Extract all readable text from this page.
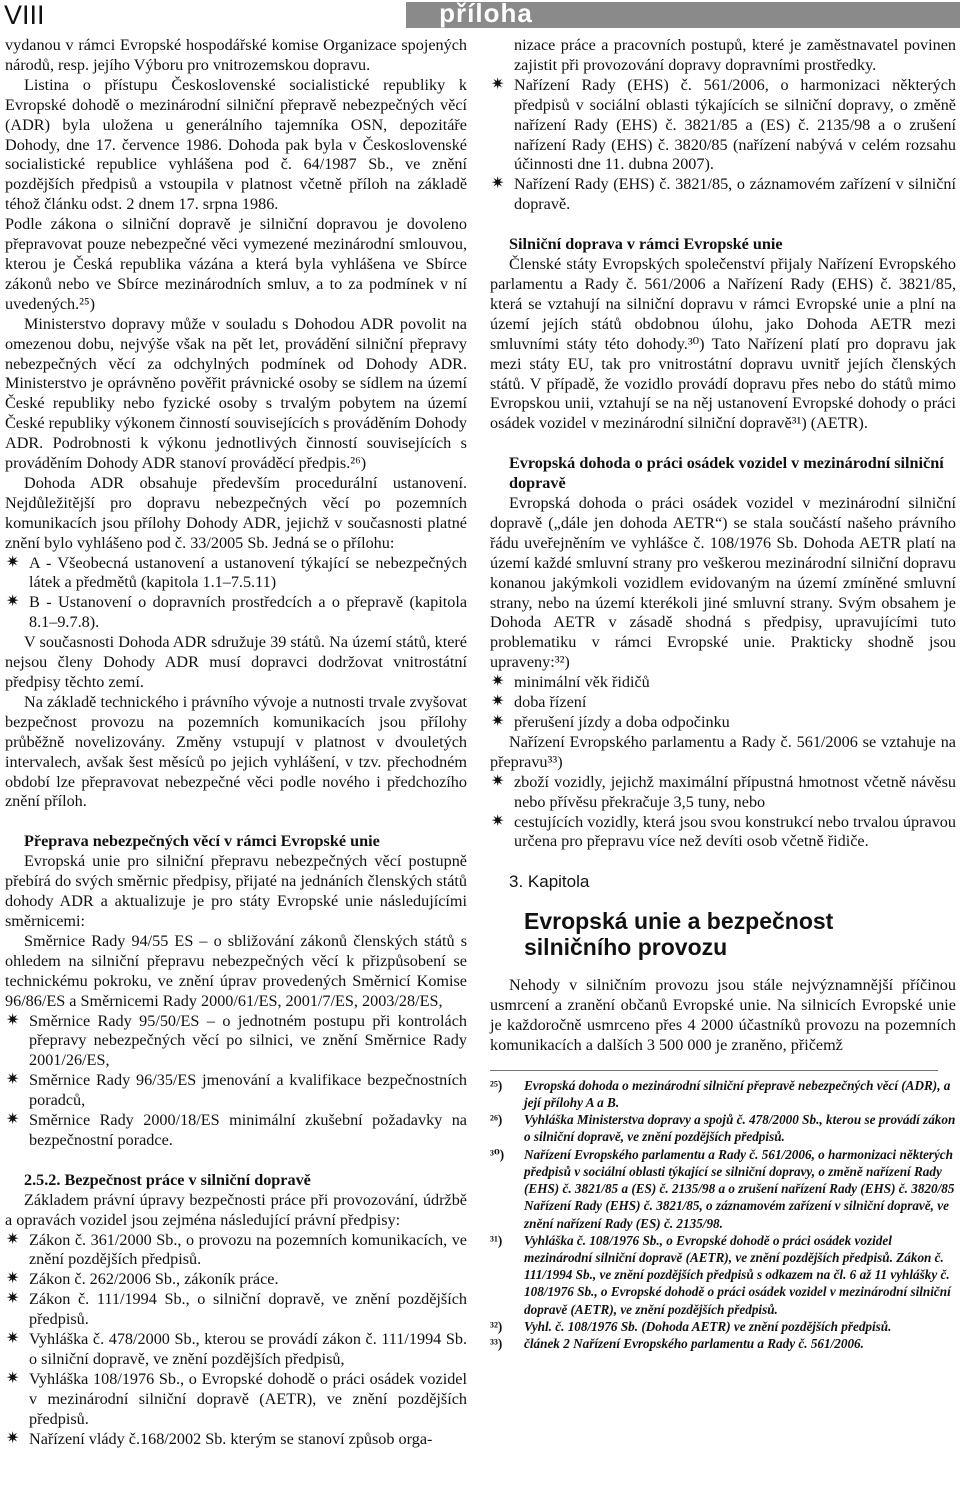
VIII	příloha

vydanou v rámci Evropské hospodářské komise Organizace spojených národů, resp. jejího Výboru pro vnitrozemskou dopravu.

Listina o přístupu Československé socialistické republiky k Evropské dohodě o mezinárodní silniční přepravě nebezpečných věcí (ADR) byla uložena u generálního tajemníka OSN, depozitáře Dohody, dne 17. července 1986. Dohoda pak byla v Československé socialistické republice vyhlášena pod č. 64/1987 Sb., ve znění pozdějších předpisů a vstoupila v platnost včetně příloh na základě téhož článku odst. 2 dnem 17. srpna 1986.

Podle zákona o silniční dopravě je silniční dopravou je dovoleno přepravovat pouze nebezpečné věci vymezené mezinárodní smlouvou, kterou je Česká republika vázána a která byla vyhlášena ve Sbírce zákonů nebo ve Sbírce mezinárodních smluv, a to za podmínek v ní uvedených.²⁵)

Ministerstvo dopravy může v souladu s Dohodou ADR povolit na omezenou dobu, nejvýše však na pět let, provádění silniční přepravy nebezpečných věcí za odchylných podmínek od Dohody ADR. Ministerstvo je oprávněno pověřit právnické osoby se sídlem na území České republiky nebo fyzické osoby s trvalým pobytem na území České republiky výkonem činností souvisejících s prováděním Dohody ADR. Podrobnosti k výkonu jednotlivých činností souvisejících s prováděním Dohody ADR stanoví prováděcí předpis.²⁶)

Dohoda ADR obsahuje především procedurální ustanovení. Nejdůležitější pro dopravu nebezpečných věcí po pozemních komunikacích jsou přílohy Dohody ADR, jejichž v současnosti platné znění bylo vyhlášeno pod č. 33/2005 Sb. Jedná se o přílohu:

✷ A - Všeobecná ustanovení a ustanovení týkající se nebezpečných látek a předmětů (kapitola 1.1–7.5.11)
✷ B - Ustanovení o dopravních prostředcích a o přepravě (kapitola 8.1–9.7.8).

V současnosti Dohoda ADR sdružuje 39 států. Na území států, které nejsou členy Dohody ADR musí dopravci dodržovat vnitrostátní předpisy těchto zemí.

Na základě technického i právního vývoje a nutnosti trvale zvyšovat bezpečnost provozu na pozemních komunikacích jsou přílohy průběžně novelizovány. Změny vstupují v platnost v dvouletých intervalech, avšak šest měsíců po jejich vyhlášení, v tzv. přechodném období lze přepravovat nebezpečné věci podle nového i předchozího znění příloh.

Přeprava nebezpečných věcí v rámci Evropské unie

Evropská unie pro silniční přepravu nebezpečných věcí postupně přebírá do svých směrnic předpisy, přijaté na jednáních členských států dohody ADR a aktualizuje je pro státy Evropské unie následujícími směrnicemi:

Směrnice Rady 94/55 ES – o sbližování zákonů členských států s ohledem na silniční přepravu nebezpečných věcí k přizpůsobení se technickému pokroku, ve znění úprav provedených Směrnicí Komise 96/86/ES a Směrnicemi Rady 2000/61/ES, 2001/7/ES, 2003/28/ES,

✷ Směrnice Rady 95/50/ES – o jednotném postupu při kontrolách přepravy nebezpečných věcí po silnici, ve znění Směrnice Rady 2001/26/ES,
✷ Směrnice Rady 96/35/ES jmenování a kvalifikace bezpečnostních poradců,
✷ Směrnice Rady 2000/18/ES minimální zkušební požadavky na bezpečnostní poradce.
2.5.2. Bezpečnost práce v silniční dopravě

Základem právní úpravy bezpečnosti práce při provozování, údržbě a opravách vozidel jsou zejména následující právní předpisy:

✷ Zákon č. 361/2000 Sb., o provozu na pozemních komunikacích, ve znění pozdějších předpisů.
✷ Zákon č. 262/2006 Sb., zákoník práce.
✷ Zákon č. 111/1994 Sb., o silniční dopravě, ve znění pozdějších předpisů.
✷ Vyhláška č. 478/2000 Sb., kterou se provádí zákon č. 111/1994 Sb. o silniční dopravě, ve znění pozdějších předpisů,
✷ Vyhláška 108/1976 Sb., o Evropské dohodě o práci osádek vozidel v mezinárodní silniční dopravě (AETR), ve znění pozdějších předpisů.
✷ Nařízení vlády č.168/2002 Sb. kterým se stanoví způsob orga-

nizace práce a pracovních postupů, které je zaměstnavatel povinen zajistit při provozování dopravy dopravními prostředky.

✷ Nařízení Rady (EHS) č. 561/2006, o harmonizaci některých předpisů v sociální oblasti týkajících se silniční dopravy, o změně nařízení Rady (EHS) č. 3821/85 a (ES) č. 2135/98 a o zrušení nařízení Rady (EHS) č. 3820/85 (nařízení nabývá v celém rozsahu účinnosti dne 11. dubna 2007).
✷ Nařízení Rady (EHS) č. 3821/85, o záznamovém zařízení v silniční dopravě.
Silniční doprava v rámci Evropské unie

Členské státy Evropských společenství přijaly Nařízení Evropského parlamentu a Rady č. 561/2006 a Nařízení Rady (EHS) č. 3821/85, která se vztahují na silniční dopravu v rámci Evropské unie a plní na území jejích států obdobnou úlohu, jako Dohoda AETR mezi smluvními státy této dohody.³⁰) Tato Nařízení platí pro dopravu jak mezi státy EU, tak pro vnitrostátní dopravu uvnitř jejích členských států. V případě, že vozidlo provádí dopravu přes nebo do států mimo Evropskou unii, vztahují se na něj ustanovení Evropské dohody o práci osádek vozidel v mezinárodní silniční dopravě³¹) (AETR).

Evropská dohoda o práci osádek vozidel v mezinárodní silniční dopravě

Evropská dohoda o práci osádek vozidel v mezinárodní silniční dopravě („dále jen dohoda AETR“) se stala součástí našeho právního řádu uveřejněním ve vyhlášce č. 108/1976 Sb. Dohoda AETR platí na území každé smluvní strany pro veškerou mezinárodní silniční dopravu konanou jakýmkoli vozidlem evidovaným na území zmíněné smluvní strany, nebo na území kterékoli jiné smluvní strany. Svým obsahem je Dohoda AETR v zásadě shodná s předpisy, upravujícími tuto problematiku v rámci Evropské unie. Prakticky shodně jsou upraveny:³²)

✷ minimální věk řidičů
✷ doba řízení
✷ přerušení jízdy a doba odpočinku

Nařízení Evropského parlamentu a Rady č. 561/2006 se vztahuje na přepravu³³)

✷ zboží vozidly, jejichž maximální přípustná hmotnost včetně návěsu nebo přívěsu překračuje 3,5 tuny, nebo
✷ cestujících vozidly, která jsou svou konstrukcí nebo trvalou úpravou určena pro přepravu více než devíti osob včetně řidiče.
3. Kapitola
Evropská unie a bezpečnost silničního provozu

Nehody v silničním provozu jsou stále nejvýznamnější příčinou usmrcení a zranění občanů Evropské unie. Na silnicích Evropské unie je každoročně usmrceno přes 4 2000 účastníků provozu na pozemních komunikacích a dalších 3 500 000 je zraněno, přičemž

²⁵) Evropská dohoda o mezinárodní silniční přepravě nebezpečných věcí (ADR), a její přílohy A a B.
²⁶) Vyhláška Ministerstva dopravy a spojů č. 478/2000 Sb., kterou se provádí zákon o silniční dopravě, ve znění pozdějších předpisů.
³⁰) Nařízení Evropského parlamentu a Rady č. 561/2006, o harmonizaci některých předpisů v sociální oblasti týkající se silniční dopravy, o změně nařízení Rady (EHS) č. 3821/85 a (ES) č. 2135/98 a o zrušení nařízení Rady (EHS) č. 3820/85 Nařízení Rady (EHS) č. 3821/85, o záznamovém zařízení v silniční dopravě, ve znění nařízení Rady (ES) č. 2135/98.
³¹) Vyhláška č. 108/1976 Sb., o Evropské dohodě o práci osádek vozidel mezinárodní silniční dopravě (AETR), ve znění pozdějších předpisů. Zákon č. 111/1994 Sb., ve znění pozdějších předpisů s odkazem na čl. 6 až 11 vyhlášky č. 108/1976 Sb., o Evropské dohodě o práci osádek vozidel v mezinárodní silniční dopravě (AETR), ve znění pozdějších předpisů.
³²) Vyhl. č. 108/1976 Sb. (Dohoda AETR) ve znění pozdějších předpisů.
³³) článek 2 Nařízení Evropského parlamentu a Rady č. 561/2006.
